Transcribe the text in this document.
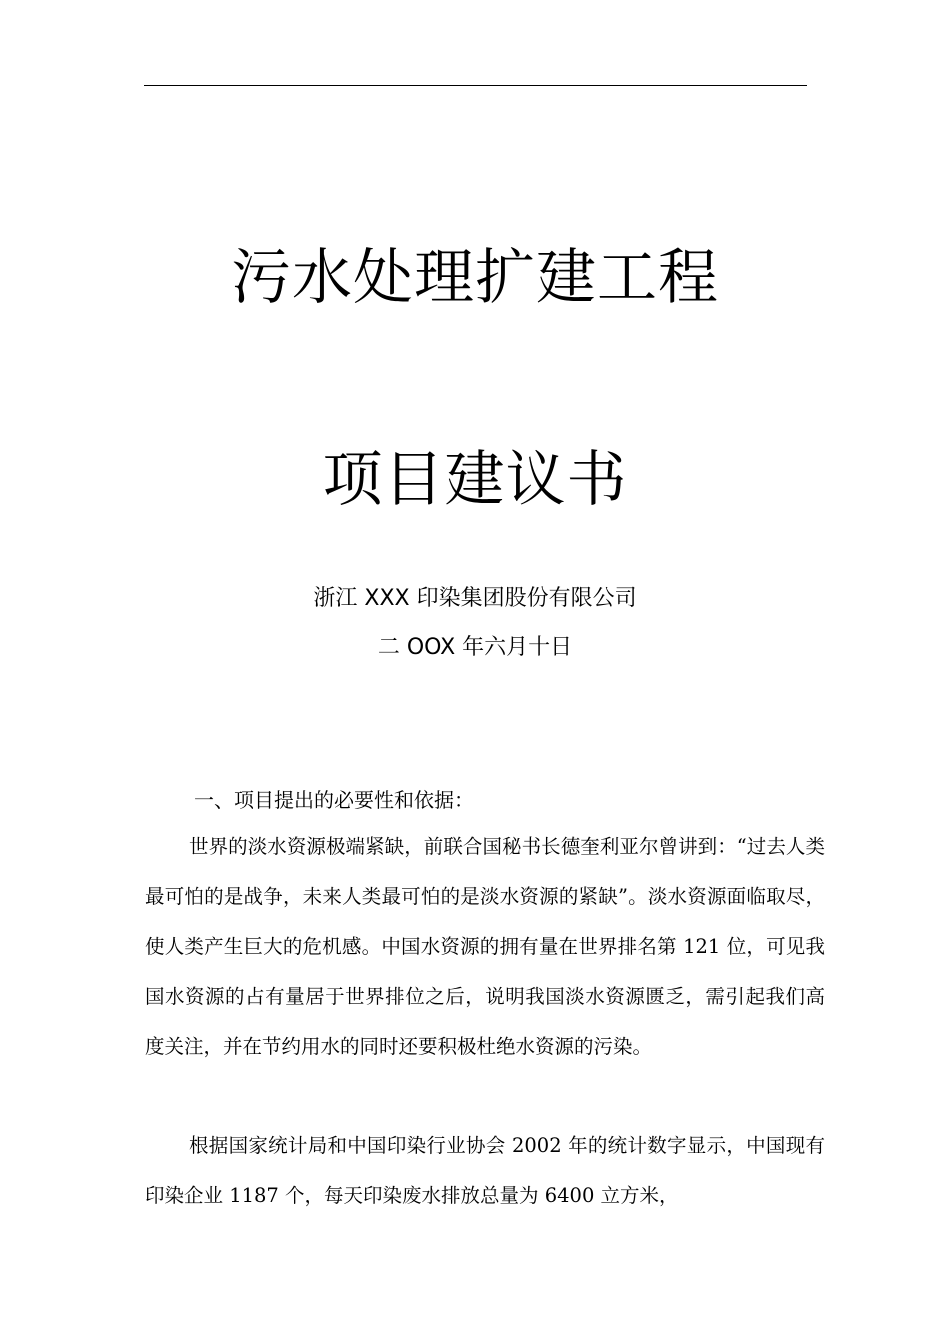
污水处理扩建工程
项目建议书
浙江 XXX 印染集团股份有限公司
二 OOX 年六月十日
一、项目提出的必要性和依据：
世界的淡水资源极端紧缺，前联合国秘书长德奎利亚尔曾讲到：“过去人类最可怕的是战争，未来人类最可怕的是淡水资源的紧缺”。淡水资源面临取尽，使人类产生巨大的危机感。中国水资源的拥有量在世界排名第 121 位，可见我国水资源的占有量居于世界排位之后，说明我国淡水资源匮乏，需引起我们高度关注，并在节约用水的同时还要积极杜绝水资源的污染。
根据国家统计局和中国印染行业协会 2002 年的统计数字显示，中国现有印染企业 1187 个，每天印染废水排放总量为 6400 立方米，
